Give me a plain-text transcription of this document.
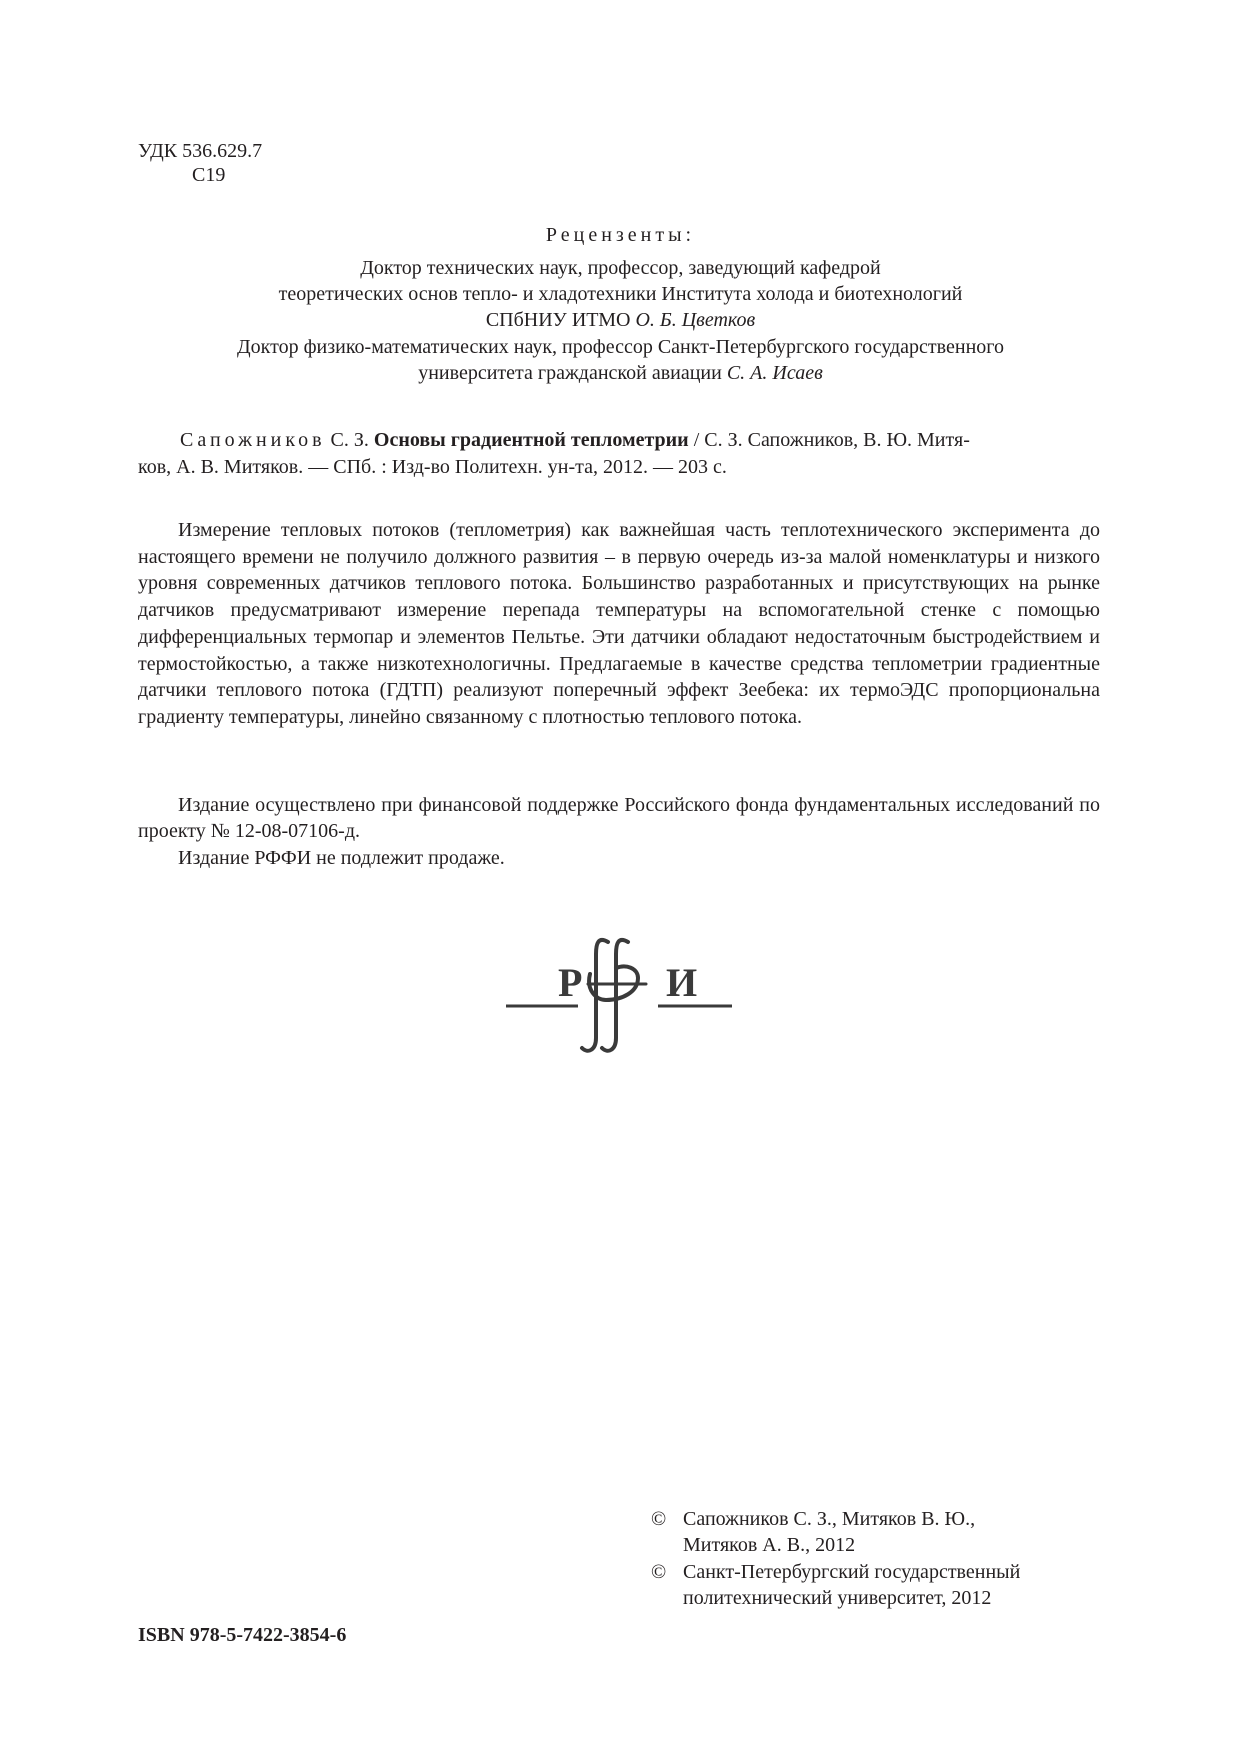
УДК 536.629.7
С19
Рецензенты:
Доктор технических наук, профессор, заведующий кафедрой
теоретических основ тепло- и хладотехники Института холода и биотехнологий
СПбНИУ ИТМО О. Б. Цветков
Доктор физико-математических наук, профессор Санкт-Петербургского государственного
университета гражданской авиации С. А. Исаев
Сапожников С. З. Основы градиентной теплометрии / С. З. Сапожников, В. Ю. Митя-
ков, А. В. Митяков. — СПб. : Изд-во Политехн. ун-та, 2012. — 203 с.
Измерение тепловых потоков (теплометрия) как важнейшая часть теплотехнического эксперимента до настоящего времени не получило должного развития – в первую очередь из-за малой номенклатуры и низкого уровня современных датчиков теплового потока. Большинство разработанных и присутствующих на рынке датчиков предусматривают измерение перепада температуры на вспомогательной стенке с помощью дифференциальных термопар и элементов Пельтье. Эти датчики обладают недостаточным быстродействием и термостойкостью, а также низкотехнологичны. Предлагаемые в качестве средства теплометрии градиентные датчики теплового потока (ГДТП) реализуют поперечный эффект Зеебека: их термоЭДС пропорциональна градиенту температуры, линейно связанному с плотностью теплового потока.
Издание осуществлено при финансовой поддержке Российского фонда фундаментальных исследований по проекту № 12-08-07106-д.
Издание РФФИ не подлежит продаже.
Р И
ISBN 978-5-7422-3854-6
© Сапожников С. З., Митяков В. Ю.,
Митяков А. В., 2012
© Санкт-Петербургский государственный
политехнический университет, 2012
